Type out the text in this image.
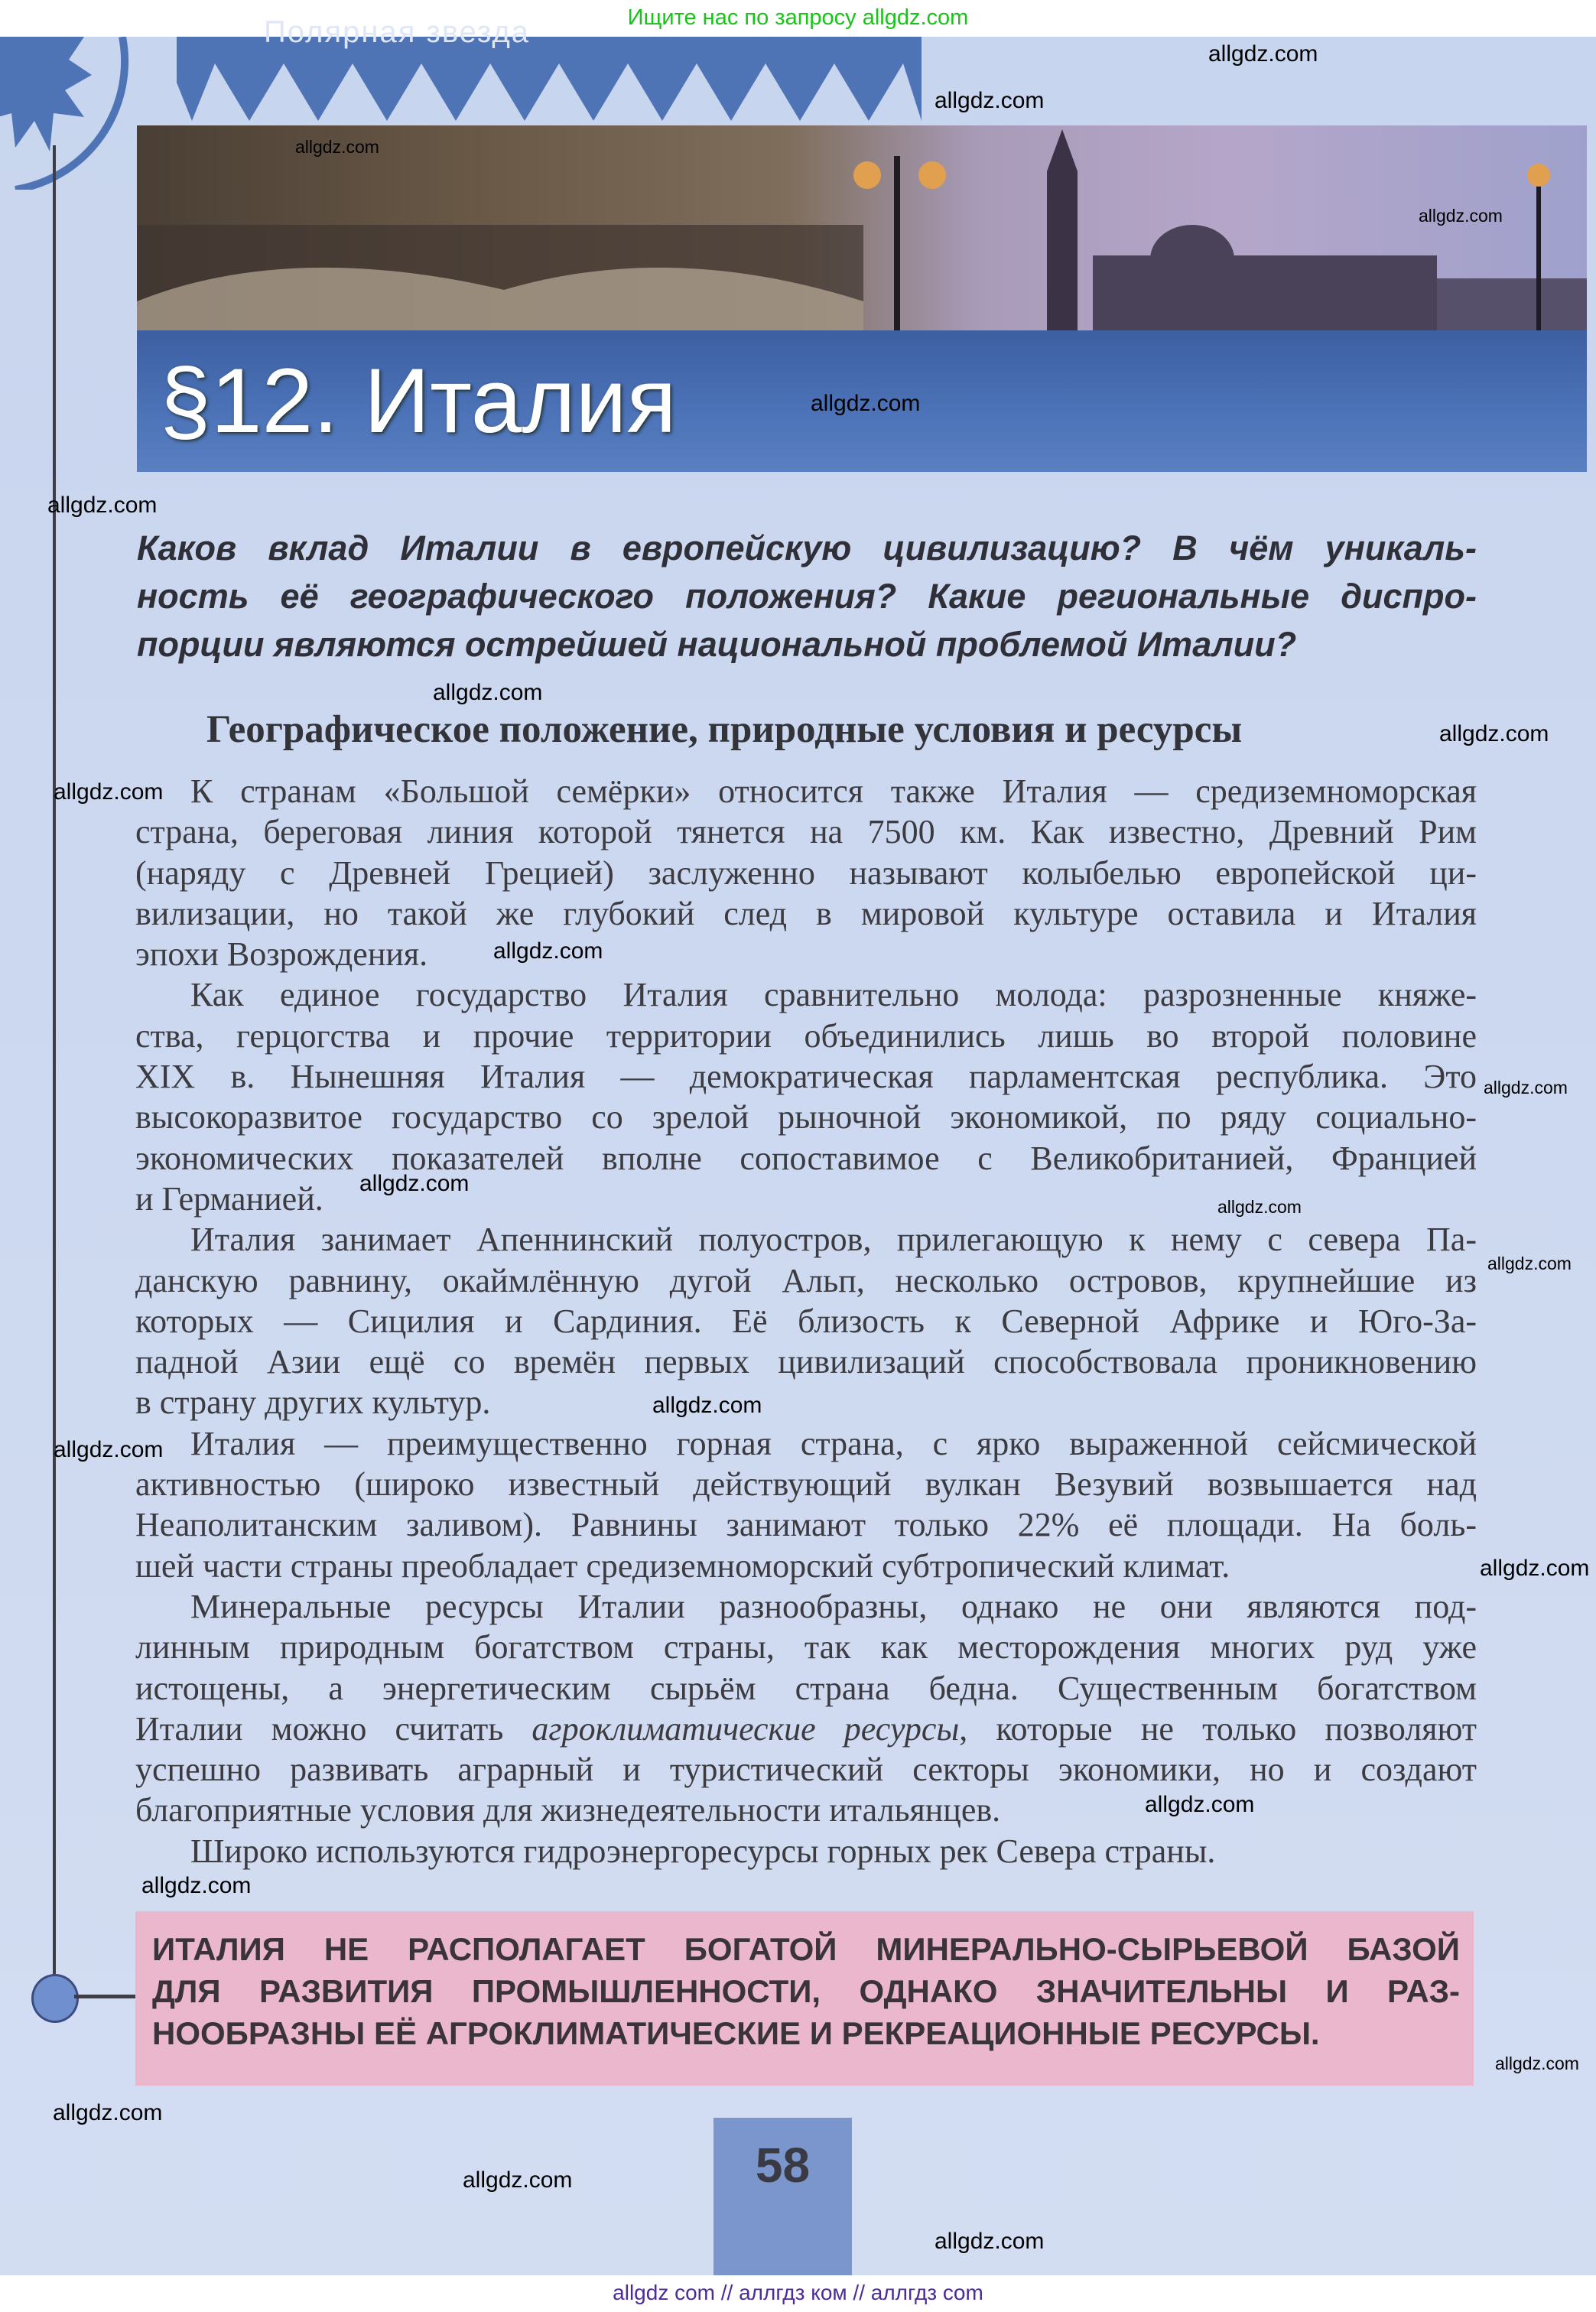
Ищите нас по запросу allgdz.com
Полярная звезда
§12. Италия
Каков вклад Италии в европейскую цивилизацию? В чём уникаль-
ность её географического положения? Какие региональные диспро-
порции являются острейшей национальной проблемой Италии?
Географическое положение, природные условия и ресурсы
К странам «Большой семёрки» относится также Италия — средиземноморская
страна, береговая линия которой тянется на 7500 км. Как известно, Древний Рим
(наряду с Древней Грецией) заслуженно называют колыбелью европейской ци-
вилизации, но такой же глубокий след в мировой культуре оставила и Италия
эпохи Возрождения.
Как единое государство Италия сравнительно молода: разрозненные княже-
ства, герцогства и прочие территории объединились лишь во второй половине
XIX в. Нынешняя Италия — демократическая парламентская республика. Это
высокоразвитое государство со зрелой рыночной экономикой, по ряду социально-
экономических показателей вполне сопоставимое с Великобританией, Францией
и Германией.
Италия занимает Апеннинский полуостров, прилегающую к нему с севера Па-
данскую равнину, окаймлённую дугой Альп, несколько островов, крупнейшие из
которых — Сицилия и Сардиния. Её близость к Северной Африке и Юго-За-
падной Азии ещё со времён первых цивилизаций способствовала проникновению
в страну других культур.
Италия — преимущественно горная страна, с ярко выраженной сейсмической
активностью (широко известный действующий вулкан Везувий возвышается над
Неаполитанским заливом). Равнины занимают только 22% её площади. На боль-
шей части страны преобладает средиземноморский субтропический климат.
Минеральные ресурсы Италии разнообразны, однако не они являются под-
линным природным богатством страны, так как месторождения многих руд уже
истощены, а энергетическим сырьём страна бедна. Существенным богатством
Италии можно считать агроклиматические ресурсы, которые не только позволяют
успешно развивать аграрный и туристический секторы экономики, но и создают
благоприятные условия для жизнедеятельности итальянцев.
Широко используются гидроэнергоресурсы горных рек Севера страны.
ИТАЛИЯ НЕ РАСПОЛАГАЕТ БОГАТОЙ МИНЕРАЛЬНО-СЫРЬЕВОЙ БАЗОЙ
ДЛЯ РАЗВИТИЯ ПРОМЫШЛЕННОСТИ, ОДНАКО ЗНАЧИТЕЛЬНЫ И РАЗ-
НООБРАЗНЫ ЕЁ АГРОКЛИМАТИЧЕСКИЕ И РЕКРЕАЦИОННЫЕ РЕСУРСЫ.
58
allgdz com // аллгдз ком // аллгдз com
allgdz.com
allgdz.com
allgdz.com
allgdz.com
allgdz.com
allgdz.com
allgdz.com
allgdz.com
allgdz.com
allgdz.com
allgdz.com
allgdz.com
allgdz.com
allgdz.com
allgdz.com
allgdz.com
allgdz.com
allgdz.com
allgdz.com
allgdz.com
allgdz.com
allgdz.com
allgdz.com
